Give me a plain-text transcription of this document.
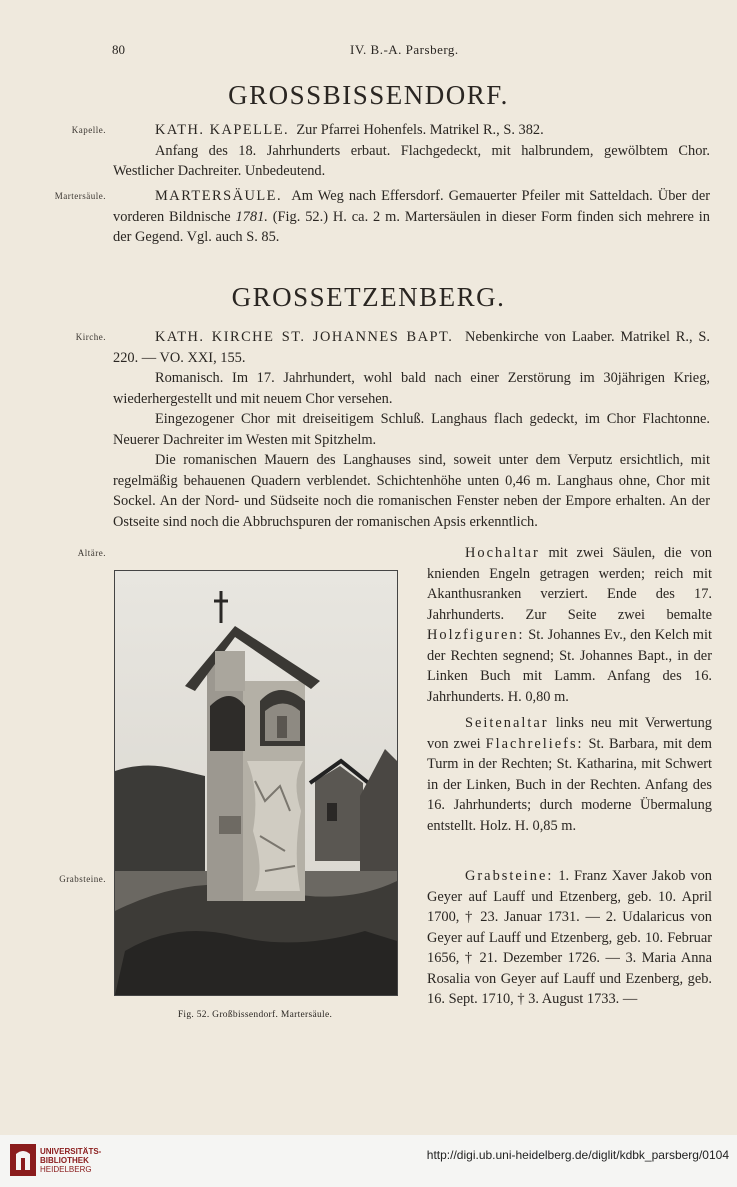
80	IV. B.-A. Parsberg.
GROSSBISSENDORF.
Kapelle.	KATH. KAPELLE. Zur Pfarrei Hohenfels. Matrikel R., S. 382.

Anfang des 18. Jahrhunderts erbaut. Flachgedeckt, mit halbrundem, gewölbtem Chor. Westlicher Dachreiter. Unbedeutend.

Martersäule.	MARTERSÄULE. Am Weg nach Effersdorf. Gemauerter Pfeiler mit Satteldach. Über der vorderen Bildnische 1781. (Fig. 52.) H. ca. 2 m. Martersäulen in dieser Form finden sich mehrere in der Gegend. Vgl. auch S. 85.

GROSSETZENBERG.
Kirche.	KATH. KIRCHE ST. JOHANNES BAPT. Nebenkirche von Laaber. Matrikel R., S. 220. — VO. XXI, 155.

Romanisch. Im 17. Jahrhundert, wohl bald nach einer Zerstörung im 30jährigen Krieg, wiederhergestellt und mit neuem Chor versehen.

Eingezogener Chor mit dreiseitigem Schluß. Langhaus flach gedeckt, im Chor Flachtonne. Neuerer Dachreiter im Westen mit Spitzhelm.

Die romanischen Mauern des Langhauses sind, soweit unter dem Verputz ersichtlich, mit regelmäßig behauenen Quadern verblendet. Schichtenhöhe unten 0,46 m. Langhaus ohne, Chor mit Sockel. An der Nord- und Südseite noch die romanischen Fenster neben der Empore erhalten. An der Ostseite sind noch die Abbruchspuren der romanischen Apsis erkenntlich.

Altäre.	Hochaltar mit zwei Säulen, die von knienden Engeln getragen werden; reich mit Akanthusranken verziert. Ende des 17. Jahrhunderts. Zur Seite zwei bemalte Holzfiguren: St. Johannes Ev., den Kelch mit der Rechten segnend; St. Johannes Bapt., in der Linken Buch mit Lamm. Anfang des 16. Jahrhunderts. H. 0,80 m.

Seitenaltar links neu mit Verwertung von zwei Flachreliefs: St. Barbara, mit dem Turm in der Rechten; St. Katharina, mit Schwert in der Linken, Buch in der Rechten. Anfang des 16. Jahrhunderts; durch moderne Übermalung entstellt. Holz. H. 0,85 m.

Grabsteine.	Grabsteine: 1. Franz Xaver Jakob von Geyer auf Lauff und Etzenberg, geb. 10. April 1700, † 23. Januar 1731. — 2. Udalaricus von Geyer auf Lauff und Etzenberg, geb. 10. Februar 1656, † 21. Dezember 1726. — 3. Maria Anna Rosalia von Geyer auf Lauff und Ezenberg, geb. 16. Sept. 1710, † 3. August 1733. —

Fig. 52. Großbissendorf. Martersäule.
UNIVERSITÄTS-
BIBLIOTHEK
HEIDELBERG
http://digi.ub.uni-heidelberg.de/diglit/kdbk_parsberg/0104
